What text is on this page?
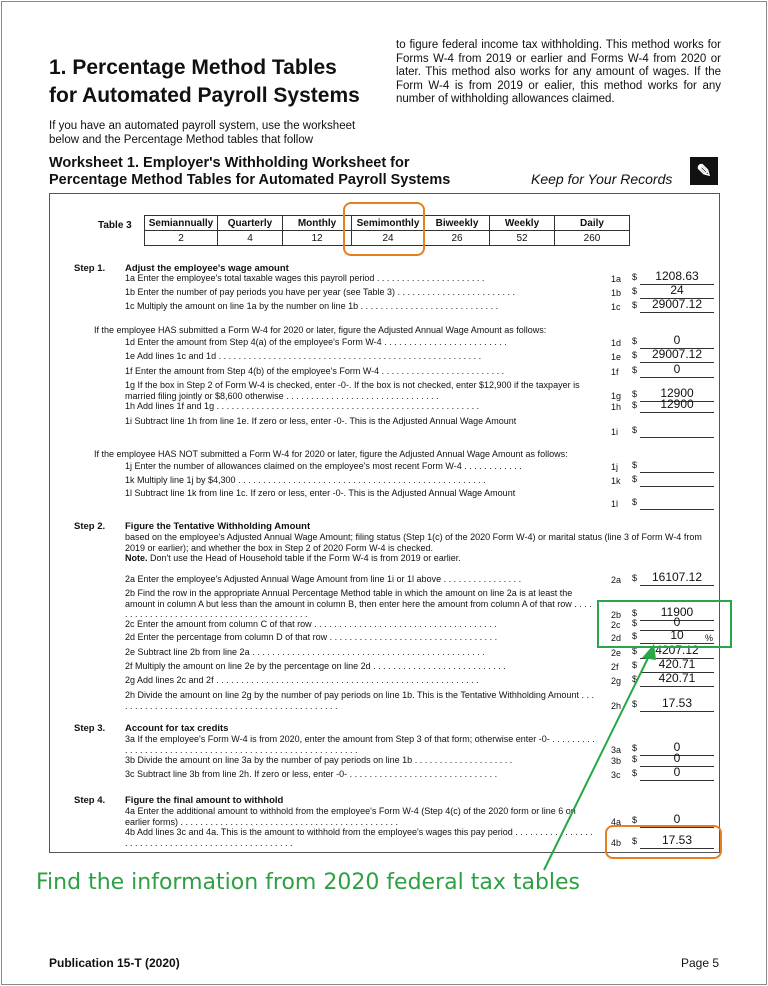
1. Percentage Method Tables for Automated Payroll Systems
If you have an automated payroll system, use the worksheet below and the Percentage Method tables that follow
to figure federal income tax withholding. This method works for Forms W-4 from 2019 or earlier and Forms W-4 from 2020 or later. This method also works for any amount of wages. If the Form W-4 is from 2019 or ealier, this method works for any number of withholding allowances claimed.
Worksheet 1. Employer's Withholding Worksheet for Percentage Method Tables for Automated Payroll Systems	Keep for Your Records	✎
Table 3 Semiannually	Quarterly	Monthly	Semimonthly	Biweekly	Weekly	Daily
2	4	12	24	26	52	260
Step 1. Adjust the employee's wage amount
Step 2. Figure the Tentative Withholding Amount
based on the employee's Adjusted Annual Wage Amount; filing status (Step 1(c) of the 2020 Form W-4) or marital status (line 3 of Form W-4 from 2019 or earlier); and whether the box in Step 2 of 2020 Form W-4 is checked.
Note. Don't use the Head of Household table if the Form W-4 is from 2019 or earlier.
Step 3. Account for tax credits
Step 4. Figure the final amount to withhold
If the employee HAS submitted a Form W-4 for 2020 or later, figure the Adjusted Annual Wage Amount as follows:
If the employee HAS NOT submitted a Form W-4 for 2020 or later, figure the Adjusted Annual Wage Amount as follows:
1a Enter the employee's total taxable wages this payroll period . . . . . . . . . . . . . . . . . . . . . .	1a $	1208.63
1b Enter the number of pay periods you have per year (see Table 3) . . . . . . . . . . . . . . . . . . . . . . . .	1b $	24
1c Multiply the amount on line 1a by the number on line 1b . . . . . . . . . . . . . . . . . . . . . . . . . . . .	1c $	29007.12
1d Enter the amount from Step 4(a) of the employee's Form W-4 . . . . . . . . . . . . . . . . . . . . . . . . .	1d $	0
1e Add lines 1c and 1d . . . . . . . . . . . . . . . . . . . . . . . . . . . . . . . . . . . . . . . . . . . . . . . . . . . . .	1e $	29007.12
1f Enter the amount from Step 4(b) of the employee's Form W-4 . . . . . . . . . . . . . . . . . . . . . . . . .	1f $	0
1g If the box in Step 2 of Form W-4 is checked, enter -0-. If the box is not checked, enter $12,900 if the taxpayer is married filing jointly or $8,600 otherwise . . . . . . . . . . . . . . . . . . . . . . . . . . . . . . .	1g $	12900
1h Add lines 1f and 1g . . . . . . . . . . . . . . . . . . . . . . . . . . . . . . . . . . . . . . . . . . . . . . . . . . . . .	1h $	12900
1i Subtract line 1h from line 1e. If zero or less, enter -0-. This is the Adjusted Annual Wage Amount
1i $
1j Enter the number of allowances claimed on the employee's most recent Form W-4 . . . . . . . . . . . .	1j $
1k Multiply line 1j by $4,300 . . . . . . . . . . . . . . . . . . . . . . . . . . . . . . . . . . . . . . . . . . . . . . . . . .	1k $
1l Subtract line 1k from line 1c. If zero or less, enter -0-. This is the Adjusted Annual Wage Amount
1l $
2a Enter the employee's Adjusted Annual Wage Amount from line 1i or 1l above . . . . . . . . . . . . . . . .	2a $	16107.12
2b Find the row in the appropriate Annual Percentage Method table in which the amount on line 2a is at least the amount in column A but less than the amount in column B, then enter here the amount from column A of that row . . . . . . . . . . . . . . . . . . . . . . . . . . . . . . . . . . . . . . . . .	2b $	11900
2c Enter the amount from column C of that row . . . . . . . . . . . . . . . . . . . . . . . . . . . . . . . . . . . . .	2c $	0
2d Enter the percentage from column D of that row . . . . . . . . . . . . . . . . . . . . . . . . . . . . . . . . . .	2d $	10
2e Subtract line 2b from line 2a . . . . . . . . . . . . . . . . . . . . . . . . . . . . . . . . . . . . . . . . . . . . . . .	2e $	4207.12
2f Multiply the amount on line 2e by the percentage on line 2d . . . . . . . . . . . . . . . . . . . . . . . . . . .	2f $	420.71
2g Add lines 2c and 2f . . . . . . . . . . . . . . . . . . . . . . . . . . . . . . . . . . . . . . . . . . . . . . . . . . . . .	2g $	420.71
2h Divide the amount on line 2g by the number of pay periods on line 1b. This is the Tentative Withholding Amount . . . . . . . . . . . . . . . . . . . . . . . . . . . . . . . . . . . . . . . . . . . . . .	2h $	17.53
3a If the employee's Form W-4 is from 2020, enter the amount from Step 3 of that form; otherwise enter -0- . . . . . . . . . . . . . . . . . . . . . . . . . . . . . . . . . . . . . . . . . . . . . . . . . . . . . . . .	3a $	0
3b Divide the amount on line 3a by the number of pay periods on line 1b . . . . . . . . . . . . . . . . . . . .	3b $	0
3c Subtract line 3b from line 2h. If zero or less, enter -0- . . . . . . . . . . . . . . . . . . . . . . . . . . . . . .	3c $	0
4a Enter the additional amount to withhold from the employee's Form W-4 (Step 4(c) of the 2020 form or line 6 on earlier forms) . . . . . . . . . . . . . . . . . . . . . . . . . . . . . . . . . . . . . . . . . . . .	4a $	0
4b Add lines 3c and 4a. This is the amount to withhold from the employee's wages this pay period . . . . . . . . . . . . . . . . . . . . . . . . . . . . . . . . . . . . . . . . . . . . . . . . . .	4b $	17.53
%
Find the information from 2020 federal tax tables
Publication 15-T (2020)	Page 5
